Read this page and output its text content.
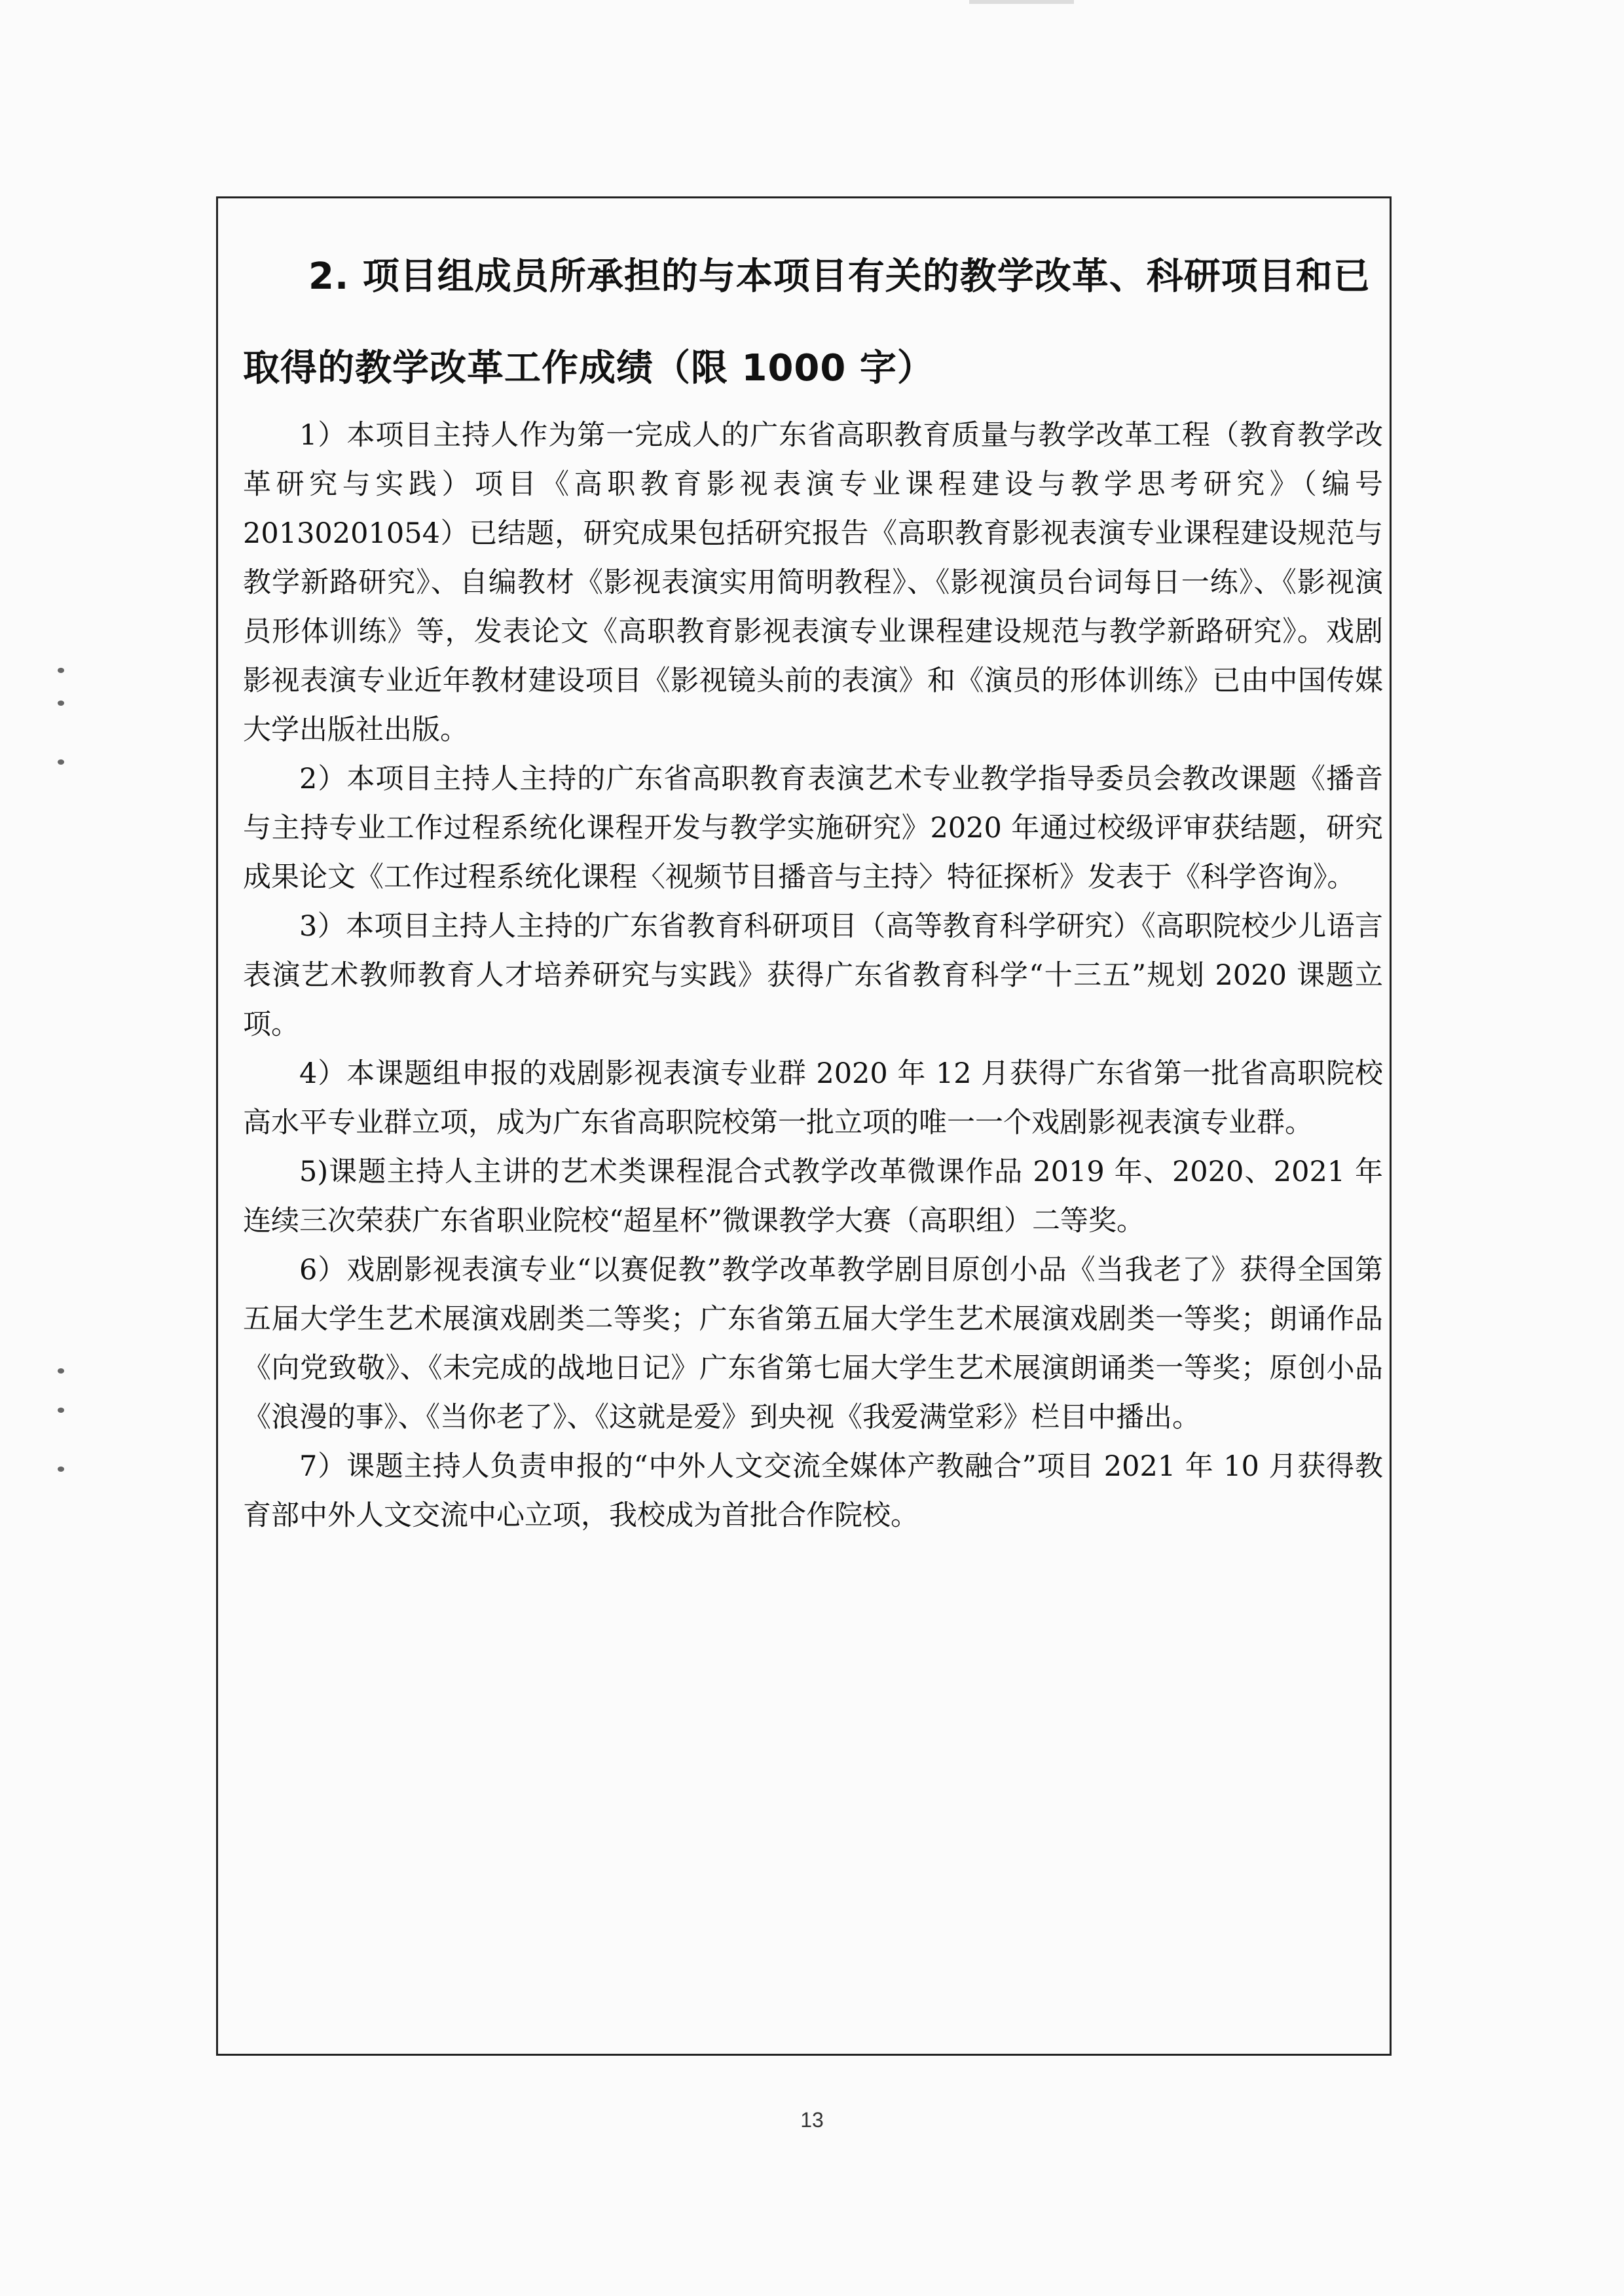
2. 项目组成员所承担的与本项目有关的教学改革、科研项目和已取得的教学改革工作成绩（限 1000 字）

1）本项目主持人作为第一完成人的广东省高职教育质量与教学改革工程（教育教学改革研究与实践）项目《高职教育影视表演专业课程建设与教学思考研究》（编号 20130201054）已结题，研究成果包括研究报告《高职教育影视表演专业课程建设规范与教学新路研究》、自编教材《影视表演实用简明教程》、《影视演员台词每日一练》、《影视演员形体训练》等，发表论文《高职教育影视表演专业课程建设规范与教学新路研究》。戏剧影视表演专业近年教材建设项目《影视镜头前的表演》和《演员的形体训练》已由中国传媒大学出版社出版。

2）本项目主持人主持的广东省高职教育表演艺术专业教学指导委员会教改课题《播音与主持专业工作过程系统化课程开发与教学实施研究》2020 年通过校级评审获结题，研究成果论文《工作过程系统化课程〈视频节目播音与主持〉特征探析》发表于《科学咨询》。

3）本项目主持人主持的广东省教育科研项目（高等教育科学研究）《高职院校少儿语言表演艺术教师教育人才培养研究与实践》获得广东省教育科学“十三五”规划 2020 课题立项。

4）本课题组申报的戏剧影视表演专业群 2020 年 12 月获得广东省第一批省高职院校高水平专业群立项，成为广东省高职院校第一批立项的唯一一个戏剧影视表演专业群。

5)课题主持人主讲的艺术类课程混合式教学改革微课作品 2019 年、2020、2021 年连续三次荣获广东省职业院校“超星杯”微课教学大赛（高职组）二等奖。

6）戏剧影视表演专业“以赛促教”教学改革教学剧目原创小品《当我老了》获得全国第五届大学生艺术展演戏剧类二等奖；广东省第五届大学生艺术展演戏剧类一等奖；朗诵作品《向党致敬》、《未完成的战地日记》广东省第七届大学生艺术展演朗诵类一等奖；原创小品《浪漫的事》、《当你老了》、《这就是爱》到央视《我爱满堂彩》栏目中播出。

7）课题主持人负责申报的“中外人文交流全媒体产教融合”项目 2021 年 10 月获得教育部中外人文交流中心立项，我校成为首批合作院校。

13
